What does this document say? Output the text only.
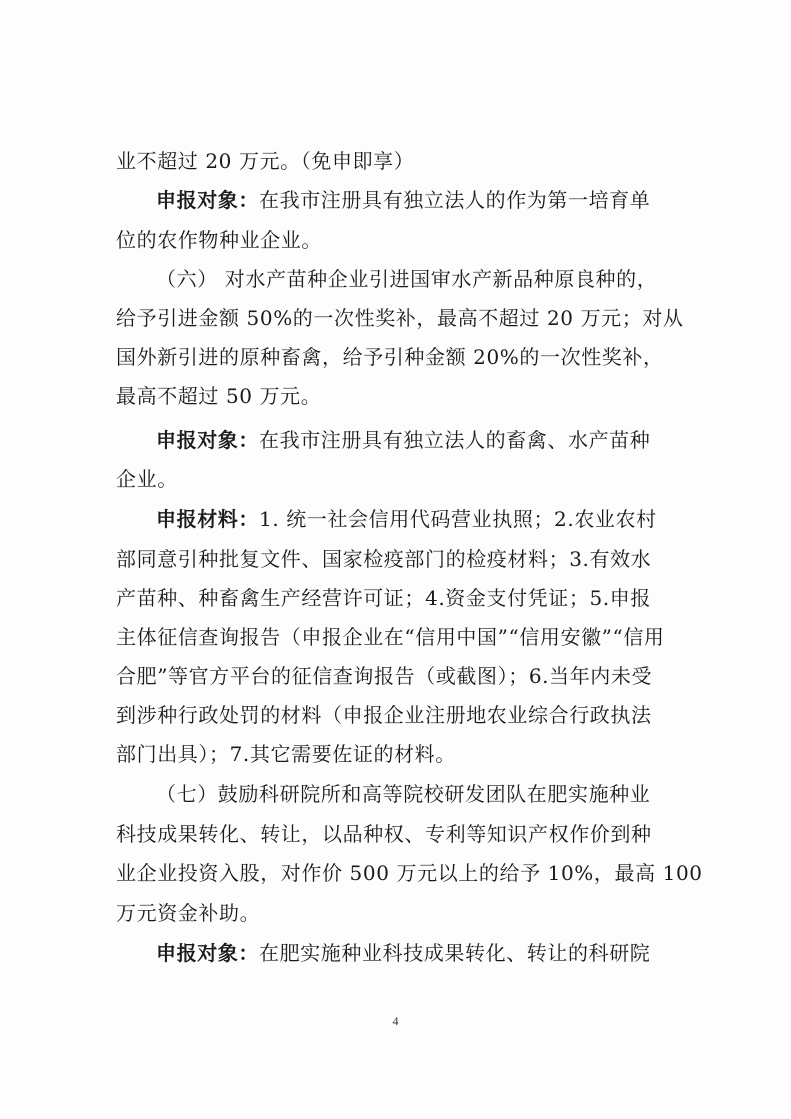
业不超过 20 万元。（免申即享）
申报对象：在我市注册具有独立法人的作为第一培育单
位的农作物种业企业。
（六） 对水产苗种企业引进国审水产新品种原良种的，
给予引进金额 50%的一次性奖补，最高不超过 20 万元；对从
国外新引进的原种畜禽，给予引种金额 20%的一次性奖补，
最高不超过 50 万元。
申报对象：在我市注册具有独立法人的畜禽、水产苗种
企业。
申报材料：1. 统一社会信用代码营业执照；2.农业农村
部同意引种批复文件、国家检疫部门的检疫材料；3.有效水
产苗种、种畜禽生产经营许可证；4.资金支付凭证；5.申报
主体征信查询报告（申报企业在“信用中国”“信用安徽”“信用
合肥”等官方平台的征信查询报告（或截图）；6.当年内未受
到涉种行政处罚的材料（申报企业注册地农业综合行政执法
部门出具）；7.其它需要佐证的材料。
（七）鼓励科研院所和高等院校研发团队在肥实施种业
科技成果转化、转让，以品种权、专利等知识产权作价到种
业企业投资入股，对作价 500 万元以上的给予 10%，最高 100
万元资金补助。
申报对象：在肥实施种业科技成果转化、转让的科研院
4
